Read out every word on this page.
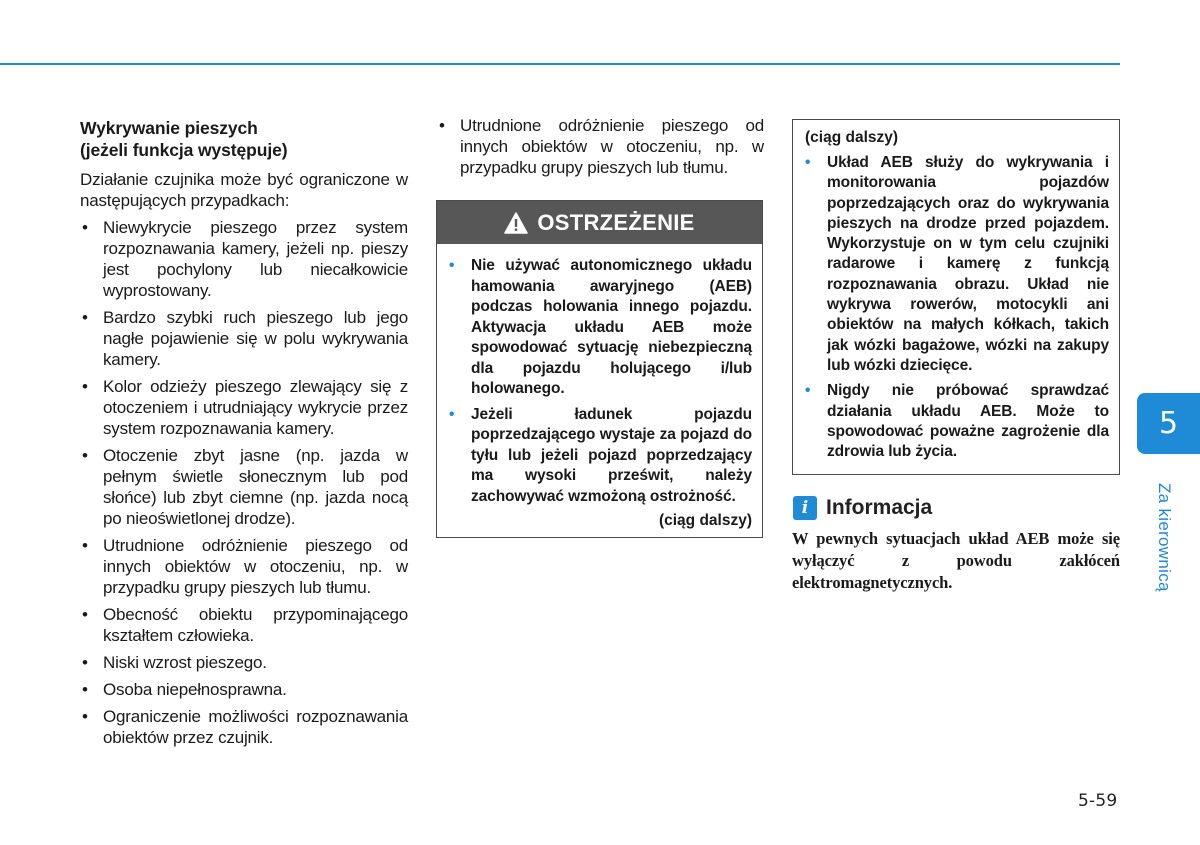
Wykrywanie pieszych
(jeżeli funkcja występuje)

Działanie czujnika może być ograniczone w następujących przypadkach:

• Niewykrycie pieszego przez system rozpoznawania kamery, jeżeli np. pieszy jest pochylony lub niecałkowicie wyprostowany.
• Bardzo szybki ruch pieszego lub jego nagłe pojawienie się w polu wykrywania kamery.
• Kolor odzieży pieszego zlewający się z otoczeniem i utrudniający wykrycie przez system rozpoznawania kamery.
• Otoczenie zbyt jasne (np. jazda w pełnym świetle słonecznym lub pod słońce) lub zbyt ciemne (np. jazda nocą po nieoświetlonej drodze).
• Utrudnione odróżnienie pieszego od innych obiektów w otoczeniu, np. w przypadku grupy pieszych lub tłumu.
• Obecność obiektu przypominającego kształtem człowieka.
• Niski wzrost pieszego.
• Osoba niepełnosprawna.
• Ograniczenie możliwości rozpoznawania obiektów przez czujnik.
• Utrudnione odróżnienie pieszego od innych obiektów w otoczeniu, np. w przypadku grupy pieszych lub tłumu.
OSTRZEŻENIE
• Nie używać autonomicznego układu hamowania awaryjnego (AEB) podczas holowania innego pojazdu. Aktywacja układu AEB może spowodować sytuację niebezpieczną dla pojazdu holującego i/lub holowanego.
• Jeżeli ładunek pojazdu poprzedzającego wystaje za pojazd do tyłu lub jeżeli pojazd poprzedzający ma wysoki prześwit, należy zachowywać wzmożoną ostrożność.
(ciąg dalszy)
(ciąg dalszy)
• Układ AEB służy do wykrywania i monitorowania pojazdów poprzedzających oraz do wykrywania pieszych na drodze przed pojazdem. Wykorzystuje on w tym celu czujniki radarowe i kamerę z funkcją rozpoznawania obrazu. Układ nie wykrywa rowerów, motocykli ani obiektów na małych kółkach, takich jak wózki bagażowe, wózki na zakupy lub wózki dziecięce.
• Nigdy nie próbować sprawdzać działania układu AEB. Może to spowodować poważne zagrożenie dla zdrowia lub życia.
i Informacja
W pewnych sytuacjach układ AEB może się wyłączyć z powodu zakłóceń elektromagnetycznych.
5
Za kierownicą
5-59
